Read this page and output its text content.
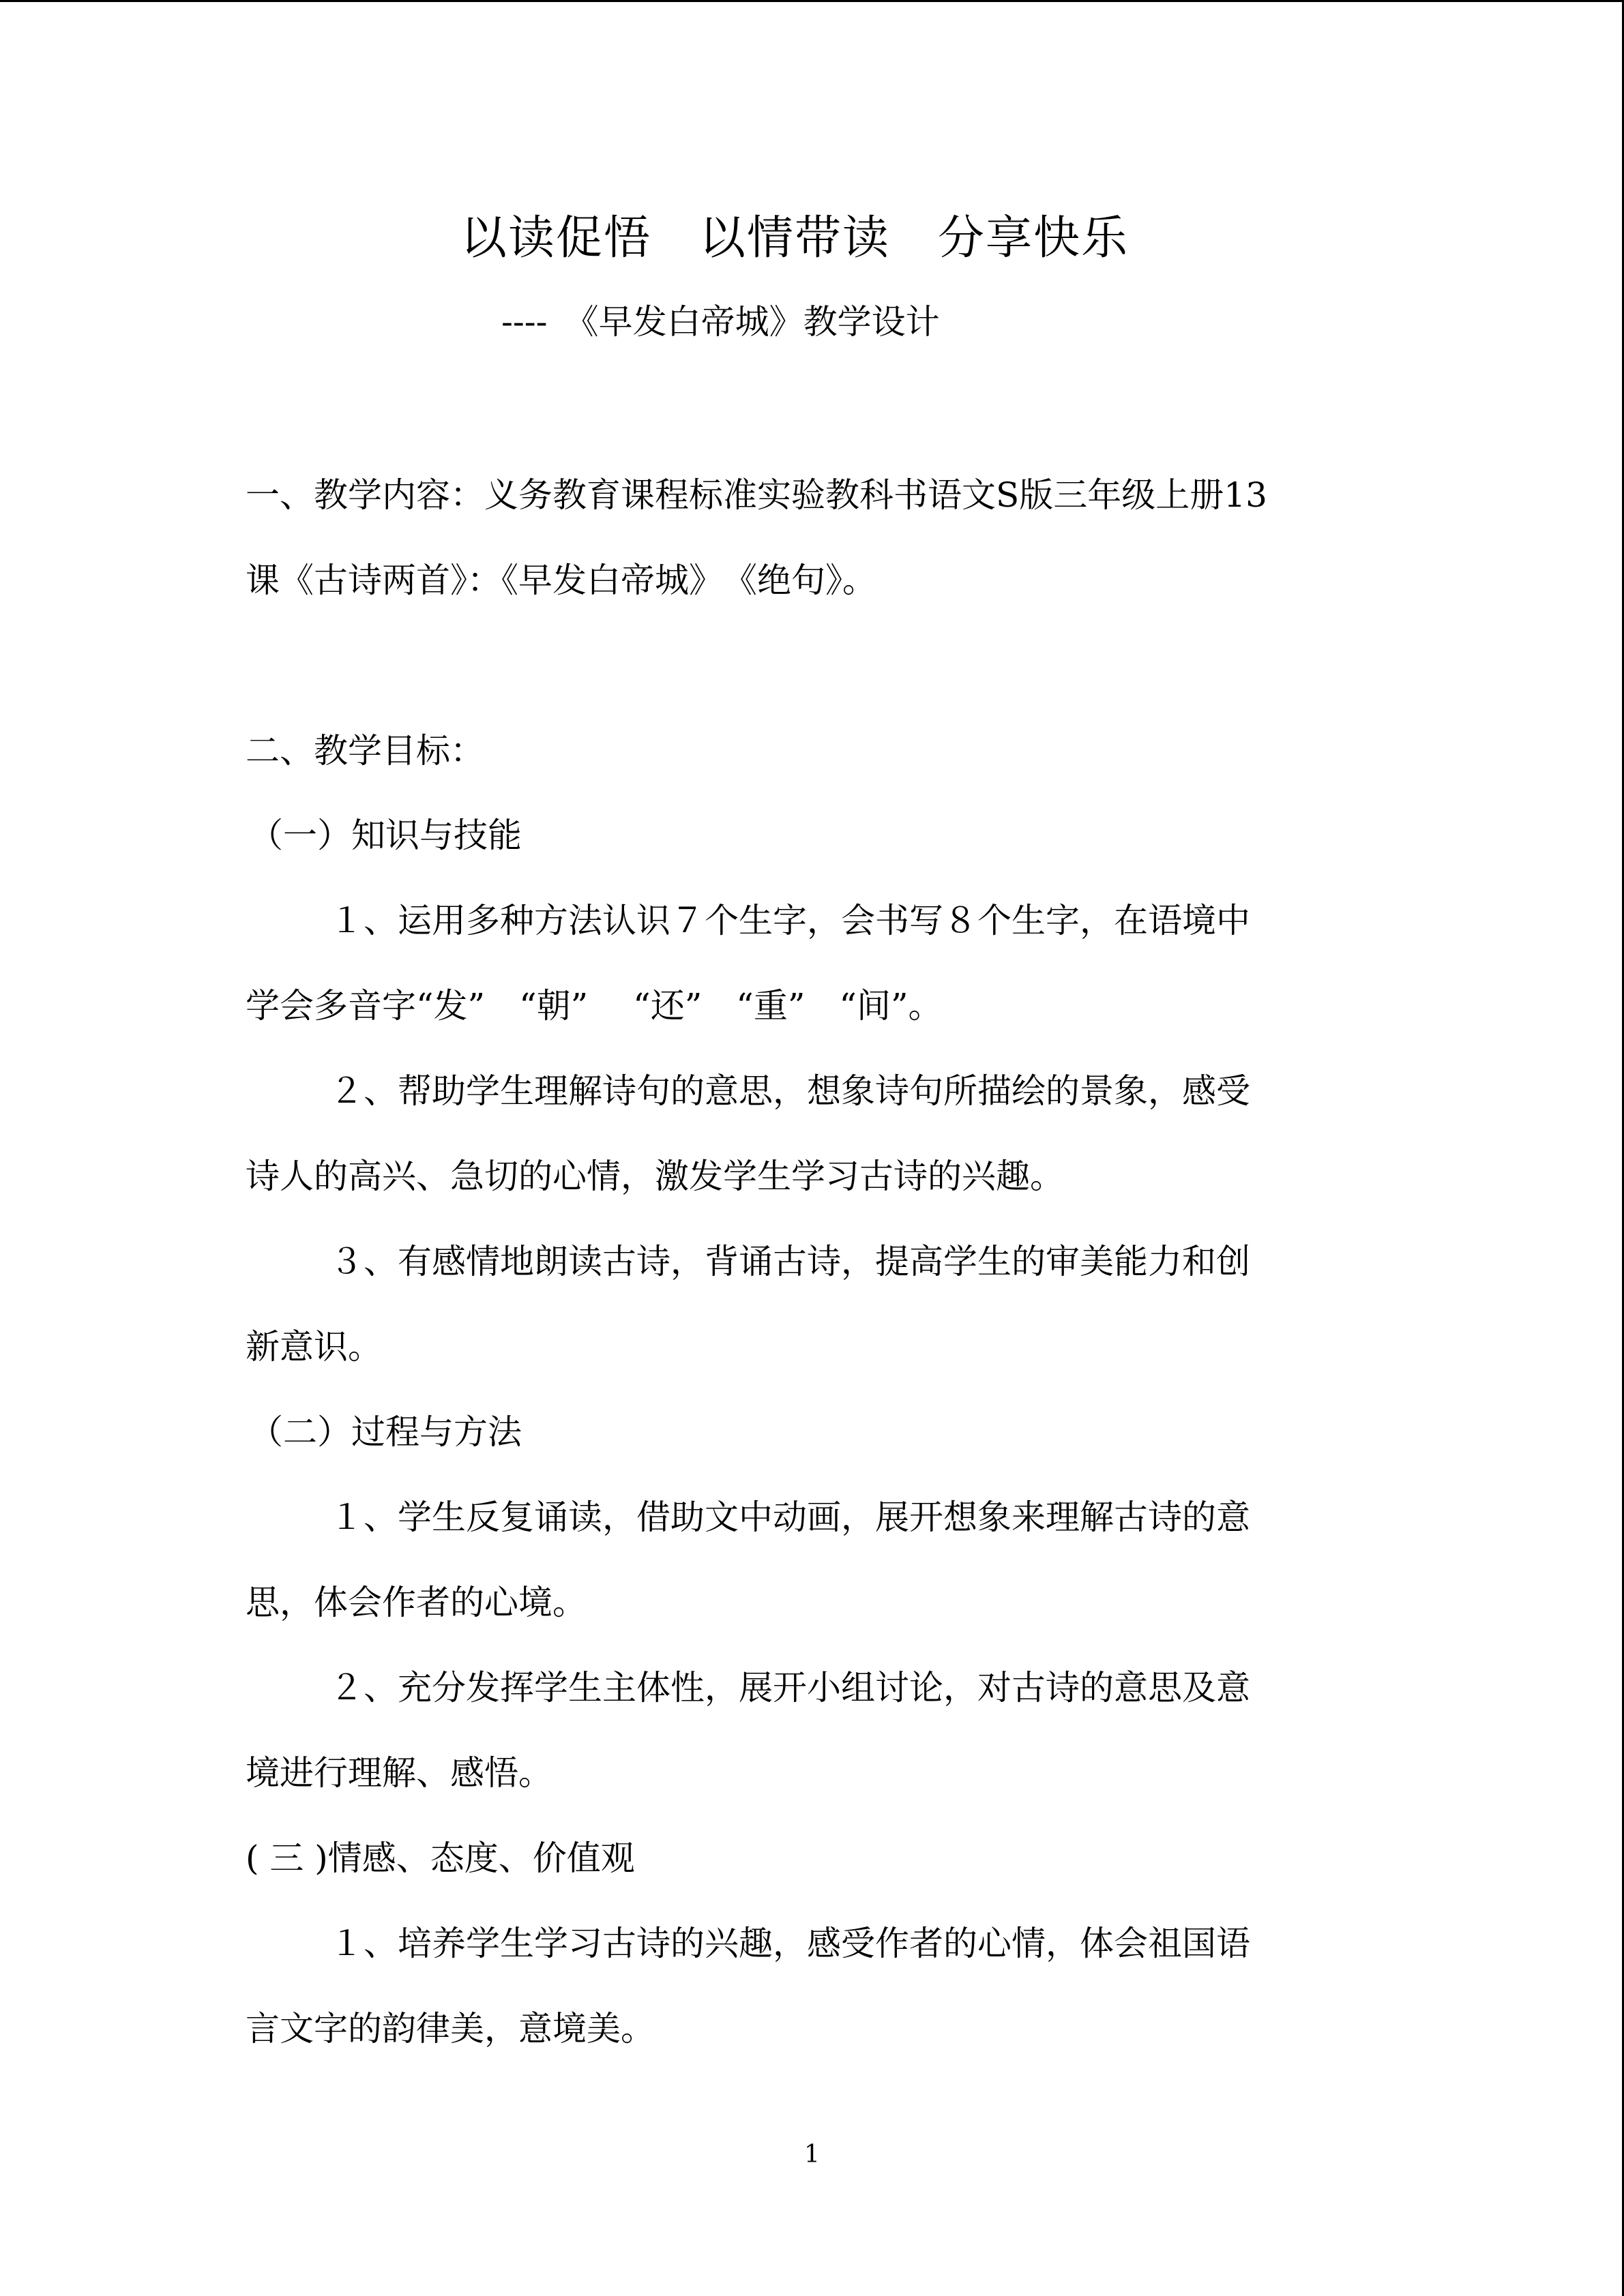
以读促悟　以情带读　分享快乐
----　《早发白帝城》教学设计
一、教学内容：义务教育课程标准实验教科书语文S版三年级上册13
课《古诗两首》：《早发白帝城》　《绝句》。
二、教学目标：
（一）知识与技能
１、运用多种方法认识７个生字，会书写８个生字，在语境中
学会多音字“发”　“朝”　 “还”　“重”　“间”。
２、帮助学生理解诗句的意思，想象诗句所描绘的景象，感受
诗人的高兴、急切的心情，激发学生学习古诗的兴趣。
３、有感情地朗读古诗，背诵古诗，提高学生的审美能力和创
新意识。
（二）过程与方法
１、学生反复诵读，借助文中动画，展开想象来理解古诗的意
思，体会作者的心境。
２、充分发挥学生主体性，展开小组讨论，对古诗的意思及意
境进行理解、感悟。
( 三 )情感、态度、价值观
１、培养学生学习古诗的兴趣，感受作者的心情，体会祖国语
言文字的韵律美，意境美。
1
